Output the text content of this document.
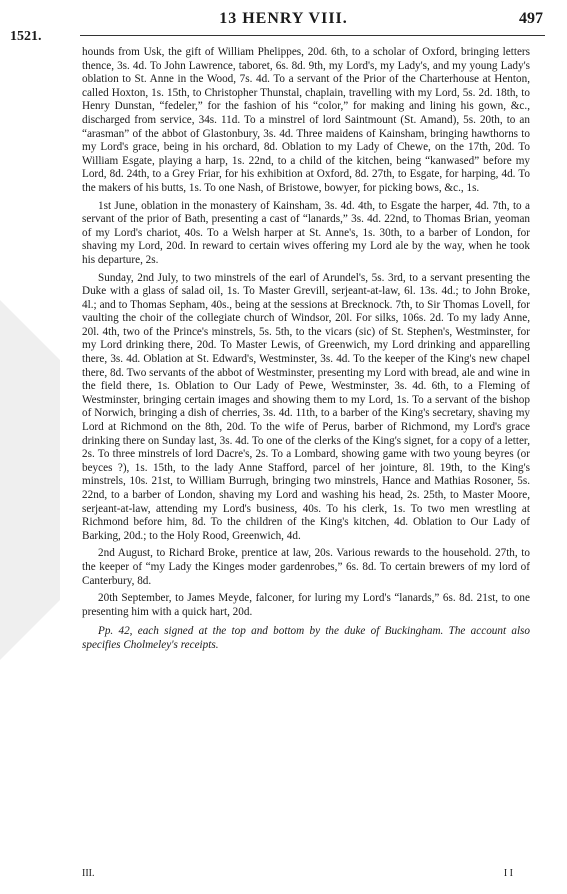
1521.
13 HENRY VIII.	497

hounds from Usk, the gift of William Phelippes, 20d. 6th, to a scholar of Oxford, bringing letters thence, 3s. 4d. To John Lawrence, taboret, 6s. 8d. 9th, my Lord's, my Lady's, and my young Lady's oblation to St. Anne in the Wood, 7s. 4d. To a servant of the Prior of the Charterhouse at Henton, called Hoxton, 1s. 15th, to Christopher Thunstal, chaplain, travelling with my Lord, 5s. 2d. 18th, to Henry Dunstan, “fedeler,” for the fashion of his “color,” for making and lining his gown, &c., discharged from service, 34s. 11d. To a minstrel of lord Saintmount (St. Amand), 5s. 20th, to an “arasman” of the abbot of Glastonbury, 3s. 4d. Three maidens of Kainsham, bringing hawthorns to my Lord's grace, being in his orchard, 8d. Oblation to my Lady of Chewe, on the 17th, 20d. To William Esgate, playing a harp, 1s. 22nd, to a child of the kitchen, being “kanwased” before my Lord, 8d. 24th, to a Grey Friar, for his exhibition at Oxford, 8d. 27th, to Esgate, for harping, 4d. To the makers of his butts, 1s. To one Nash, of Bristowe, bowyer, for picking bows, &c., 1s.

1st June, oblation in the monastery of Kainsham, 3s. 4d. 4th, to Esgate the harper, 4d. 7th, to a servant of the prior of Bath, presenting a cast of “lanards,” 3s. 4d. 22nd, to Thomas Brian, yeoman of my Lord's chariot, 40s. To a Welsh harper at St. Anne's, 1s. 30th, to a barber of London, for shaving my Lord, 20d. In reward to certain wives offering my Lord ale by the way, when he took his departure, 2s.

Sunday, 2nd July, to two minstrels of the earl of Arundel's, 5s. 3rd, to a servant presenting the Duke with a glass of salad oil, 1s. To Master Grevill, serjeant-at-law, 6l. 13s. 4d.; to John Broke, 4l.; and to Thomas Sepham, 40s., being at the sessions at Brecknock. 7th, to Sir Thomas Lovell, for vaulting the choir of the collegiate church of Windsor, 20l. For silks, 106s. 2d. To my lady Anne, 20l. 4th, two of the Prince's minstrels, 5s. 5th, to the vicars (sic) of St. Stephen's, Westminster, for my Lord drinking there, 20d. To Master Lewis, of Greenwich, my Lord drinking and apparelling there, 3s. 4d. Oblation at St. Edward's, Westminster, 3s. 4d. To the keeper of the King's new chapel there, 8d. Two servants of the abbot of Westminster, presenting my Lord with bread, ale and wine in the field there, 1s. Oblation to Our Lady of Pewe, Westminster, 3s. 4d. 6th, to a Fleming of Westminster, bringing certain images and showing them to my Lord, 1s. To a servant of the bishop of Norwich, bringing a dish of cherries, 3s. 4d. 11th, to a barber of the King's secretary, shaving my Lord at Richmond on the 8th, 20d. To the wife of Perus, barber of Richmond, my Lord's grace drinking there on Sunday last, 3s. 4d. To one of the clerks of the King's signet, for a copy of a letter, 2s. To three minstrels of lord Dacre's, 2s. To a Lombard, showing game with two young beyres (or beyces ?), 1s. 15th, to the lady Anne Stafford, parcel of her jointure, 8l. 19th, to the King's minstrels, 10s. 21st, to William Burrugh, bringing two minstrels, Hance and Mathias Rosoner, 5s. 22nd, to a barber of London, shaving my Lord and washing his head, 2s. 25th, to Master Moore, serjeant-at-law, attending my Lord's business, 40s. To his clerk, 1s. To two men wrestling at Richmond before him, 8d. To the children of the King's kitchen, 4d. Oblation to Our Lady of Barking, 20d.; to the Holy Rood, Greenwich, 4d.

2nd August, to Richard Broke, prentice at law, 20s. Various rewards to the household. 27th, to the keeper of “my Lady the Kinges moder gardenrobes,” 6s. 8d. To certain brewers of my lord of Canterbury, 8d.

20th September, to James Meyde, falconer, for luring my Lord's “lanards,” 6s. 8d. 21st, to one presenting him with a quick hart, 20d.

Pp. 42, each signed at the top and bottom by the duke of Buckingham. The account also specifies Cholmeley's receipts.

III.	I I
